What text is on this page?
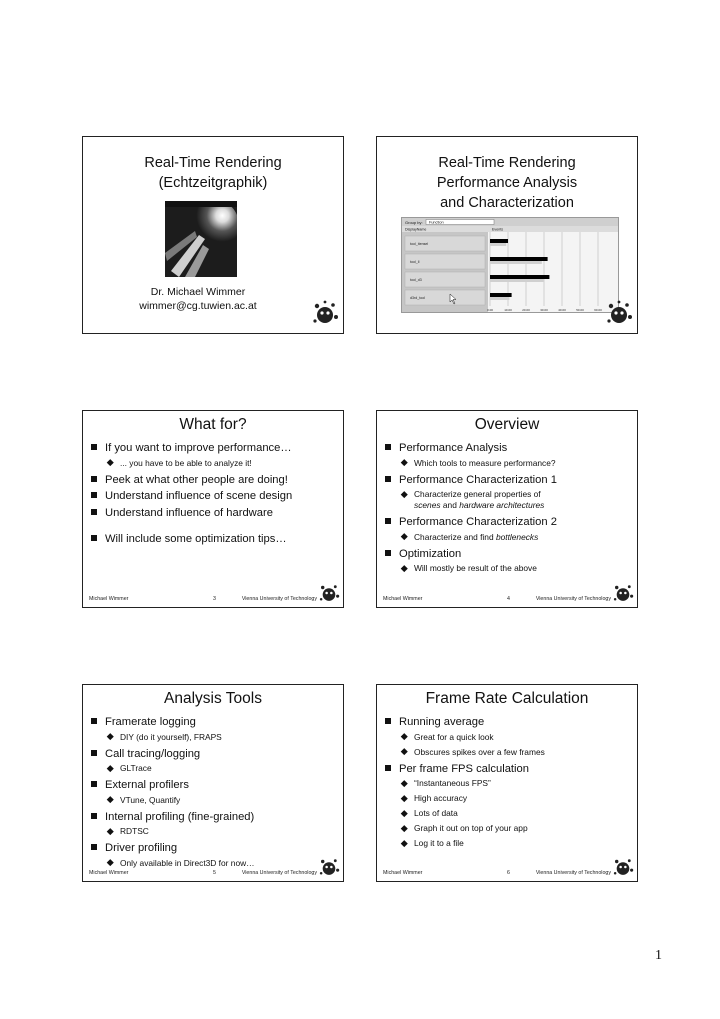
Real-Time Rendering
(Echtzeitgraphik)
Dr. Michael Wimmer
wimmer@cg.tuwien.ac.at
Real-Time Rendering
Performance Analysis
and Characterization
Group by: Function
DisplayName	Events
tool_itensel
tool_ll
tool_d3
d3rd_tool
0.00	10.00	20.00	30.00	40.00	50.00	60.00
What for?
If you want to improve performance…
... you have to be able to analyze it!
Peek at what other people are doing!
Understand influence of scene design
Understand influence of hardware
Will include some optimization tips…
Michael Wimmer	3	Vienna University of Technology
Overview
Performance Analysis
Which tools to measure performance?
Performance Characterization 1
Characterize general properties of
scenes and hardware architectures
Performance Characterization 2
Characterize and find bottlenecks
Optimization
Will mostly be result of the above
Michael Wimmer	4	Vienna University of Technology
Analysis Tools
Framerate logging
DIY (do it yourself), FRAPS
Call tracing/logging
GLTrace
External profilers
VTune, Quantify
Internal profiling (fine-grained)
RDTSC
Driver profiling
Only available in Direct3D for now…
Michael Wimmer	5	Vienna University of Technology
Frame Rate Calculation
Running average
Great for a quick look
Obscures spikes over a few frames
Per frame FPS calculation
“Instantaneous FPS”
High accuracy
Lots of data
Graph it out on top of your app
Log it to a file
Michael Wimmer	6	Vienna University of Technology
1
